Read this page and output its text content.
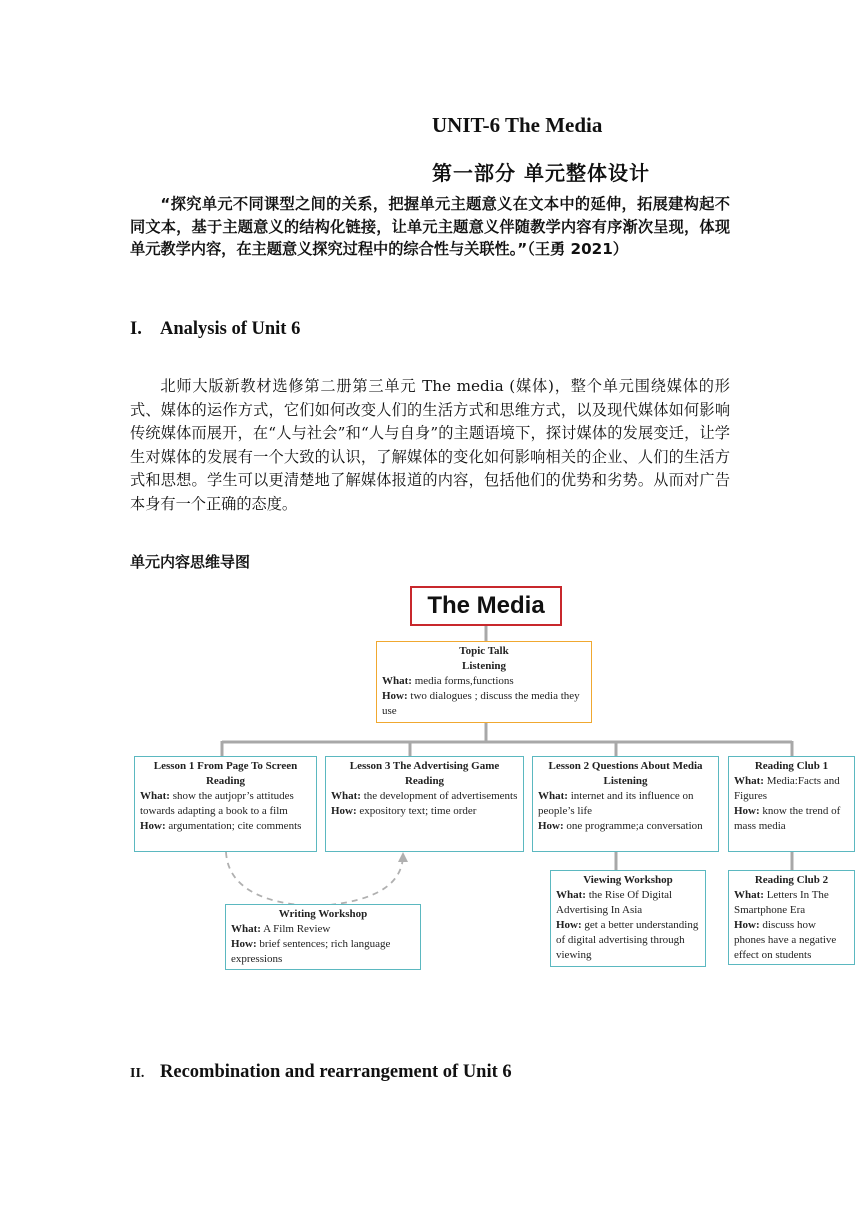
UNIT-6 The Media
第一部分 单元整体设计
“探究单元不同课型之间的关系，把握单元主题意义在文本中的延伸，拓展建构起不同文本，基于主题意义的结构化链接，让单元主题意义伴随教学内容有序渐次呈现，体现单元教学内容，在主题意义探究过程中的综合性与关联性。”（王勇 2021）
I. Analysis of Unit 6
北师大版新教材选修第二册第三单元 The media (媒体)，整个单元围绕媒体的形式、媒体的运作方式，它们如何改变人们的生活方式和思维方式，以及现代媒体如何影响传统媒体而展开，在“人与社会”和“人与自身”的主题语境下，探讨媒体的发展变迁，让学生对媒体的发展有一个大致的认识，了解媒体的变化如何影响相关的企业、人们的生活方式和思想。学生可以更清楚地了解媒体报道的内容，包括他们的优势和劣势。从而对广告本身有一个正确的态度。
单元内容思维导图
The Media
Topic Talk
Listening
What: media forms,functions
How: two dialogues ; discuss the media they use
Lesson 1 From Page To Screen
Reading
What: show the autjopr’s attitudes towards adapting a book to a film
How: argumentation; cite comments
Lesson 3 The Advertising Game
Reading
What: the development of advertisements
How: expository text; time order
Lesson 2 Questions About Media
Listening
What: internet and its influence on people’s life
How: one programme;a conversation
Reading Club 1
What: Media:Facts and Figures
How: know the trend of mass media
Writing Workshop
What: A Film Review
How: brief sentences; rich language expressions
Viewing Workshop
What: the Rise Of Digital Advertising In Asia
How: get a better understanding of digital advertising through viewing
Reading Club 2
What: Letters In The Smartphone Era
How: discuss how phones have a negative effect on students
II. Recombination and rearrangement of Unit 6
